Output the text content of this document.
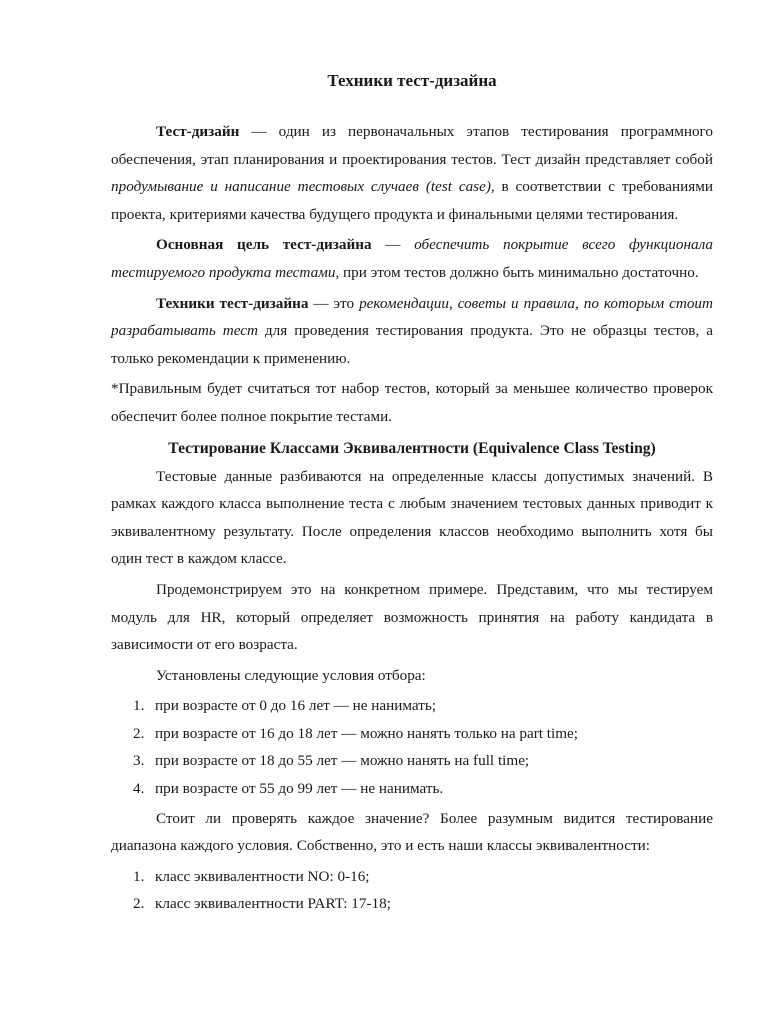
Техники тест-дизайна

Тест-дизайн — один из первоначальных этапов тестирования программного обеспечения, этап планирования и проектирования тестов. Тест дизайн представляет собой продумывание и написание тестовых случаев (test case), в соответствии с требованиями проекта, критериями качества будущего продукта и финальными целями тестирования.

Основная цель тест-дизайна — обеспечить покрытие всего функционала тестируемого продукта тестами, при этом тестов должно быть минимально достаточно.

Техники тест-дизайна — это рекомендации, советы и правила, по которым стоит разрабатывать тест для проведения тестирования продукта. Это не образцы тестов, а только рекомендации к применению.

*Правильным будет считаться тот набор тестов, который за меньшее количество проверок обеспечит более полное покрытие тестами.

Тестирование Классами Эквивалентности (Equivalence Class Testing)

Тестовые данные разбиваются на определенные классы допустимых значений. В рамках каждого класса выполнение теста с любым значением тестовых данных приводит к эквивалентному результату. После определения классов необходимо выполнить хотя бы один тест в каждом классе.

Продемонстрируем это на конкретном примере. Представим, что мы тестируем модуль для HR, который определяет возможность принятия на работу кандидата в зависимости от его возраста.

Установлены следующие условия отбора:

1. при возрасте от 0 до 16 лет — не нанимать;
2. при возрасте от 16 до 18 лет — можно нанять только на part time;
3. при возрасте от 18 до 55 лет — можно нанять на full time;
4. при возрасте от 55 до 99 лет — не нанимать.

Стоит ли проверять каждое значение? Более разумным видится тестирование диапазона каждого условия. Собственно, это и есть наши классы эквивалентности:

1. класс эквивалентности NO: 0-16;
2. класс эквивалентности PART: 17-18;
